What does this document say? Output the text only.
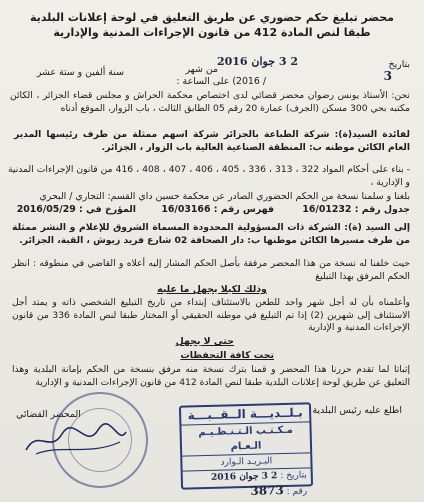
محضر تبليغ حكم حضوري عن طريق التعليق في لوحة إعلانات البلدية
طبقا لنص المادة 412 من قانون الإجراءات المدنية والإدارية
بتاريخ
2 3 جوان 2016
من شهر
سنة ألفين و ستة عشر
/ 2016) على الساعة :	3
نحن: الأستاذ يونس رضوان محضر قضائي لدى اختصاص محكمة الحراش و مجلس قضاء الجزائر ، الكائن مكتبه بحي 300 مسكن (الجرف) عمارة 20 رقم 05 الطابق الثالث ، باب الزوار، الموقع أدناه
لفائدة السيد(ة): شركة الطباعة بالجزائر شركة اسهم ممثلة من طرف رئيسها المدير العام الكائن موطنه ب: المنطقة الصناعية العالية باب الزوار ، الجزائر.
- بناء على أحكام المواد 322 ، 313 ، 336 ، 405 ، 406 ، 407 ، 408 ، 416 من قانون الإجراءات المدنية و الإدارية ،
بلغنا و سلمنا نسخة من الحكم الحضوري الصادر عن محكمة حسين داي القسم: التجاري / البحري
جدول رقم : 16/01232
فهرس رقم : 16/03166
المؤرخ في : 2016/05/29
إلى السيد (ة): الشركة ذات المسؤولية المحدودة المسماة الشروق للإعلام و النشر ممثلة من طرف مسيرها الكائن موطنها ب: دار الصحافة 02 شارع فريد زيوش ، القبة، الجزائر.
حيث خلفنا له نسخة من هذا المحضر مرفقة بأصل الحكم المشار إليه أعلاه و القاضي في منطوقه : انظر الحكم المرفق بهذا التبليغ
وذلك لكيلا يجهل ما عليه
وأعلمناه بأن له أجل شهر واحد للطعن بالاستئناف إبتداء من تاريخ التبليغ الشخصي ذاته و يمتد أجل الاستئناف إلى شهرين (2) إذا تم التبليغ في موطنه الحقيقي أو المختار طبقا لنص المادة 336 من قانون الإجراءات المدنية و الإدارية
حتى لا يجهل
تحت كافة التحفظات
إثباتا لما تقدم حررنا هذا المحضر و قمنا بترك نسخة منه مرفق بنسخة من الحكم بإمانة البلدية وهذا التعليق عن طريق لوحة إعلانات البلدية طبقا لنص المادة 412 من قانون الإجراءات المدنية و الإدارية
المحضر القضائي	اطلع عليه رئيس البلدية
بـلــديـــة الــقــبـــة
مـكـتـب الـتـنـظـيـم الـعـام
البـريـد الـوارد
بتاريخ : 2 3 جوان 2016
رقم : 3873
